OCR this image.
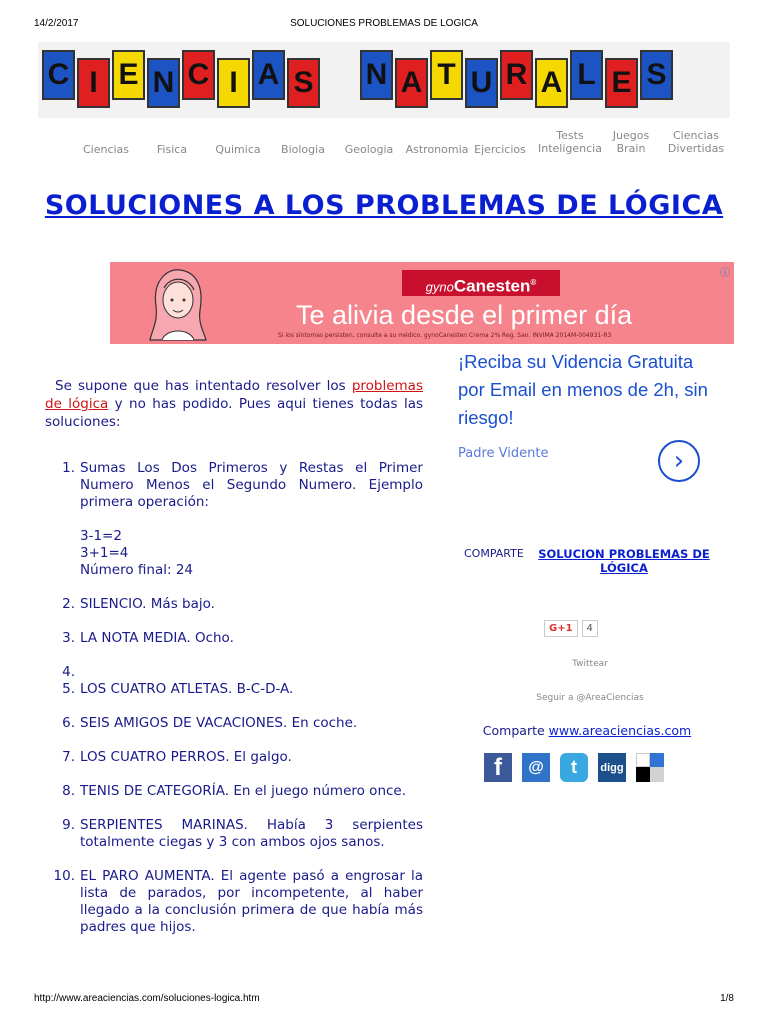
14/2/2017	SOLUCIONES PROBLEMAS DE LOGICA
C I E N C I A S N A T U R A L E S
Ciencias	Fisica	Quimica	Biologia	Geologia Astronomia Ejercicios
Tests Inteligencia
Juegos Brain
Ciencias Divertidas
SOLUCIONES A LOS PROBLEMAS DE LÓGICA
gynoCanesten®
Te alivia desde el primer día
Si los síntomas persisten, consulte a su médico. gynoCanesten Crema 2% Reg. San. INVIMA 2014M-004931-R3
ⓘ
Se supone que has intentado resolver los problemas de lógica y no has podido. Pues aqui tienes todas las soluciones:
1. Sumas Los Dos Primeros y Restas el Primer Numero Menos el Segundo Numero. Ejemplo primera operación:

3-1=2
3+1=4
Número final: 24
2. SILENCIO. Más bajo.
3. LA NOTA MEDIA. Ocho.
4.

5. LOS CUATRO ATLETAS. B-C-D-A.
6. SEIS AMIGOS DE VACACIONES. En coche.
7. LOS CUATRO PERROS. El galgo.
8. TENIS DE CATEGORÍA. En el juego número once.
9. SERPIENTES MARINAS. Había 3 serpientes totalmente ciegas y 3 con ambos ojos sanos.
10. EL PARO AUMENTA. El agente pasó a engrosar la lista de parados, por incompetente, al haber llegado a la conclusión primera de que había más padres que hijos.
¡Reciba su Videncia Gratuita por Email en menos de 2h, sin riesgo!
Padre Vidente	›
COMPARTE	SOLUCION PROBLEMAS DE LÓGICA
G+1	4
Twittear
Seguir a @AreaCiencias
Comparte www.areaciencias.com
f	@	t	digg
http://www.areaciencias.com/soluciones-logica.htm	1/8
